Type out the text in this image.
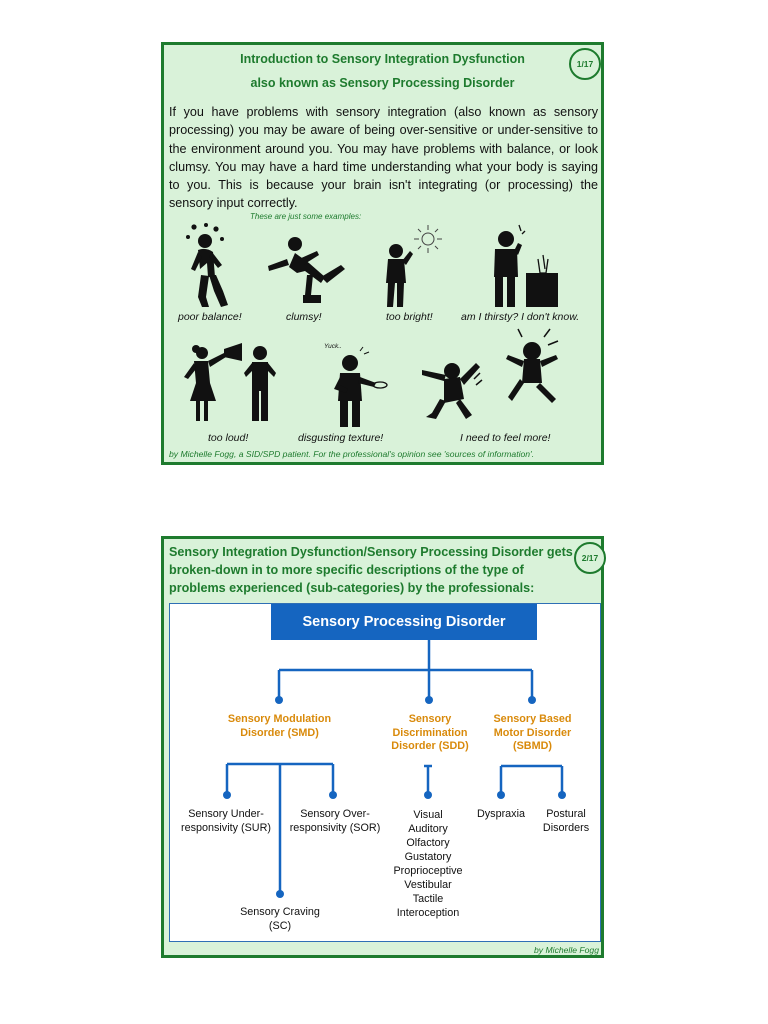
Introduction to Sensory Integration Dysfunction
also known as Sensory Processing Disorder
1/17
If you have problems with sensory integration (also known as sensory processing) you may be aware of being over-sensitive or under-sensitive to the environment around you. You may have problems with balance, or look clumsy. You may have a hard time understanding what your body is saying to you. This is because your brain isn't integrating (or processing) the sensory input correctly.
These are just some examples:
poor balance!	clumsy!	too bright!	am I thirsty? I don't know.
too loud!
Yuck..
disgusting texture!	I need to feel more!
by Michelle Fogg, a SID/SPD patient. For the professional's opinion see 'sources of information'.
Sensory Integration Dysfunction/Sensory Processing Disorder gets broken-down in to more specific descriptions of the type of problems experienced (sub-categories) by the professionals:
2/17
Sensory Processing Disorder
Sensory Modulation Disorder (SMD)
Sensory Discrimination Disorder (SDD)
Sensory Based Motor Disorder (SBMD)
Sensory Under-responsivity (SUR)
Sensory Over-responsivity (SOR)
Sensory Craving (SC)
Visual
Auditory
Olfactory
Gustatory
Proprioceptive
Vestibular
Tactile
Interoception
Dyspraxia	Postural Disorders
by Michelle Fogg
